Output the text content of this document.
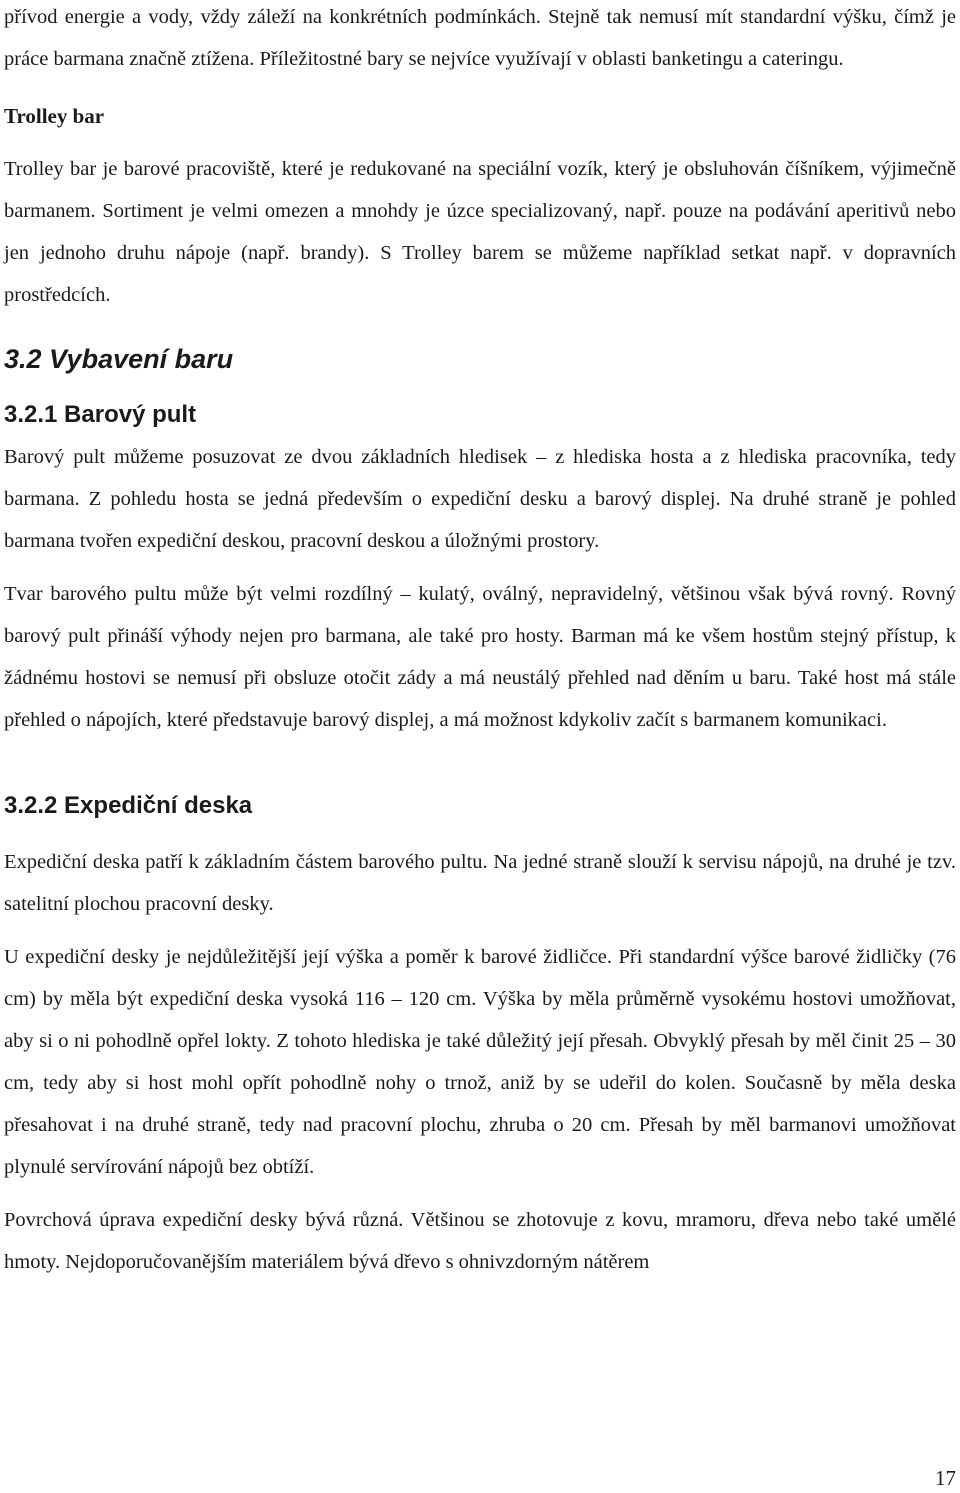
přívod energie a vody, vždy záleží na konkrétních podmínkách. Stejně tak nemusí mít standardní výšku, čímž je práce barmana značně ztížena. Příležitostné bary se nejvíce využívají v oblasti banketingu a cateringu.

Trolley bar

Trolley bar je barové pracoviště, které je redukované na speciální vozík, který je obsluhován číšníkem, výjimečně barmanem. Sortiment je velmi omezen a mnohdy je úzce specializovaný, např. pouze na podávání aperitivů nebo jen jednoho druhu nápoje (např. brandy). S Trolley barem se můžeme například setkat např. v dopravních prostředcích.

3.2 Vybavení baru
3.2.1 Barový pult

Barový pult můžeme posuzovat ze dvou základních hledisek – z hlediska hosta a z hlediska pracovníka, tedy barmana. Z pohledu hosta se jedná především o expediční desku a barový displej. Na druhé straně je pohled barmana tvořen expediční deskou, pracovní deskou a úložnými prostory.

Tvar barového pultu může být velmi rozdílný – kulatý, oválný, nepravidelný, většinou však bývá rovný. Rovný barový pult přináší výhody nejen pro barmana, ale také pro hosty. Barman má ke všem hostům stejný přístup, k žádnému hostovi se nemusí při obsluze otočit zády a má neustálý přehled nad děním u baru. Také host má stále přehled o nápojích, které představuje barový displej, a má možnost kdykoliv začít s barmanem komunikaci.

3.2.2 Expediční deska

Expediční deska patří k základním částem barového pultu. Na jedné straně slouží k servisu nápojů, na druhé je tzv. satelitní plochou pracovní desky.

U expediční desky je nejdůležitější její výška a poměr k barové židličce. Při standardní výšce barové židličky (76 cm) by měla být expediční deska vysoká 116 – 120 cm. Výška by měla průměrně vysokému hostovi umožňovat, aby si o ni pohodlně opřel lokty. Z tohoto hlediska je také důležitý její přesah. Obvyklý přesah by měl činit 25 – 30 cm, tedy aby si host mohl opřít pohodlně nohy o trnož, aniž by se udeřil do kolen. Současně by měla deska přesahovat i na druhé straně, tedy nad pracovní plochu, zhruba o 20 cm. Přesah by měl barmanovi umožňovat plynulé servírování nápojů bez obtíží.

Povrchová úprava expediční desky bývá různá. Většinou se zhotovuje z kovu, mramoru, dřeva nebo také umělé hmoty. Nejdoporučovanějším materiálem bývá dřevo s ohnivzdorným nátěrem

17
